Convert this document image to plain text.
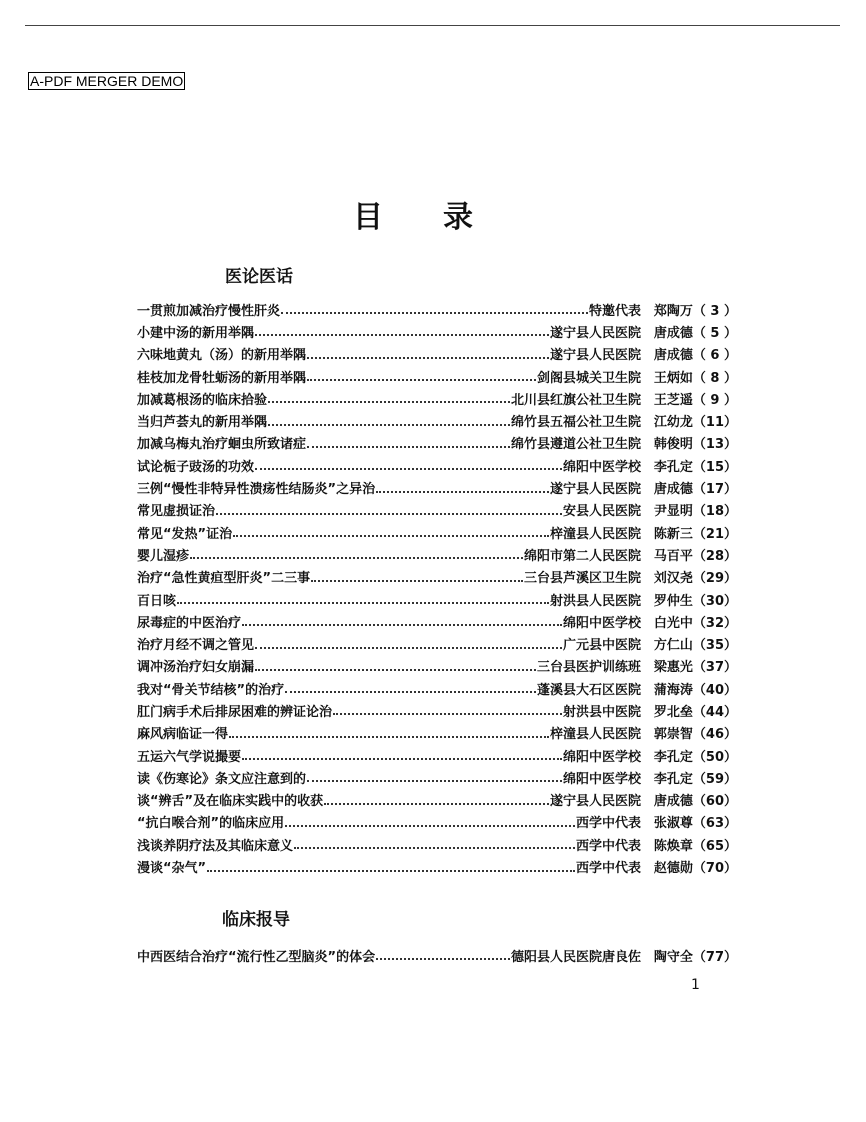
A-PDF MERGER DEMO
目录
医论医话
一贯煎加减治疗慢性肝炎	特邀代表 郑陶万（ 3 ）
小建中汤的新用举隅	遂宁县人民医院 唐成德（ 5 ）
六味地黄丸（汤）的新用举隅	遂宁县人民医院 唐成德（ 6 ）
桂枝加龙骨牡蛎汤的新用举隅	剑阁县城关卫生院 王炳如（ 8 ）
加减葛根汤的临床拾验	北川县红旗公社卫生院 王芝遥（ 9 ）
当归芦荟丸的新用举隅	绵竹县五福公社卫生院 江幼龙（11）
加减乌梅丸治疗蛔虫所致诸症	绵竹县遵道公社卫生院 韩俊明（13）
试论栀子豉汤的功效	绵阳中医学校 李孔定（15）
三例“慢性非特异性溃疡性结肠炎”之异治	遂宁县人民医院 唐成德（17）
常见虚损证治	安县人民医院 尹显明（18）
常见“发热”证治	梓潼县人民医院 陈新三（21）
婴儿湿疹	绵阳市第二人民医院 马百平（28）
治疗“急性黄疸型肝炎”二三事	三台县芦溪区卫生院 刘汉尧（29）
百日咳	射洪县人民医院 罗仲生（30）
尿毒症的中医治疗	绵阳中医学校 白光中（32）
治疗月经不调之管见	广元县中医院 方仁山（35）
调冲汤治疗妇女崩漏	三台县医护训练班 梁惠光（37）
我对“骨关节结核”的治疗	蓬溪县大石区医院 蒲海涛（40）
肛门病手术后排尿困难的辨证论治	射洪县中医院 罗北垒（44）
麻风病临证一得	梓潼县人民医院 郭崇智（46）
五运六气学说撮要	绵阳中医学校 李孔定（50）
读《伤寒论》条文应注意到的	绵阳中医学校 李孔定（59）
谈“辨舌”及在临床实践中的收获	遂宁县人民医院 唐成德（60）
“抗白喉合剂”的临床应用	西学中代表 张淑尊（63）
浅谈养阴疗法及其临床意义	西学中代表 陈焕章（65）
漫谈“杂气”	西学中代表 赵德勋（70）
临床报导
中西医结合治疗“流行性乙型脑炎”的体会	德阳县人民医院唐良佐 陶守全（77）
1
